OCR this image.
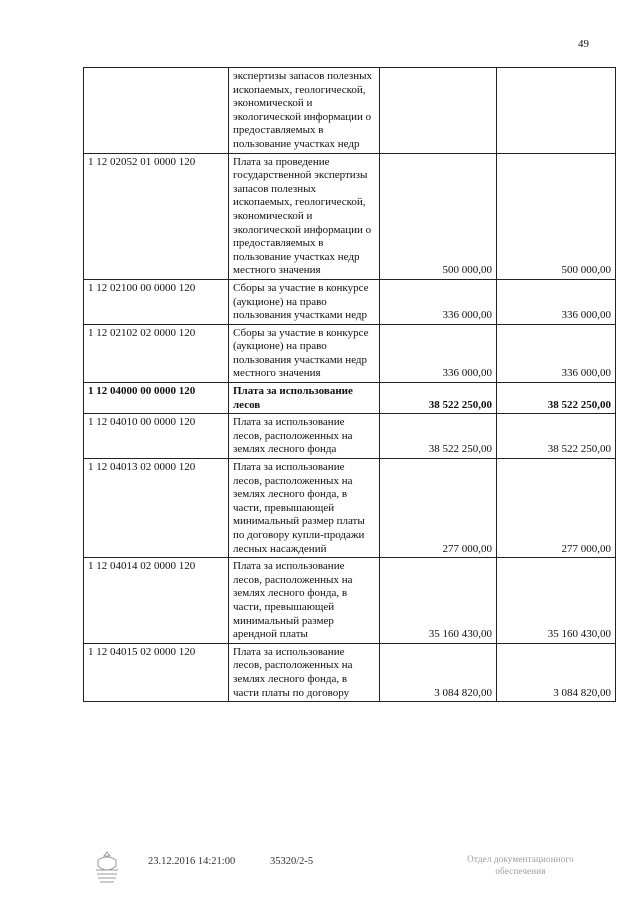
49
	экспертизы запасов полезных ископаемых, геологической, экономической и экологической информации о предоставляемых в пользование участках недр		
1 12 02052 01 0000 120	Плата за проведение государственной экспертизы запасов полезных ископаемых, геологической, экономической и экологической информации о предоставляемых в пользование участках недр местного значения	500 000,00	500 000,00
1 12 02100 00 0000 120	Сборы за участие в конкурсе (аукционе) на право пользования участками недр	336 000,00	336 000,00
1 12 02102 02 0000 120	Сборы за участие в конкурсе (аукционе) на право пользования участками недр местного значения	336 000,00	336 000,00
1 12 04000 00 0000 120	Плата за использование лесов	38 522 250,00	38 522 250,00
1 12 04010 00 0000 120	Плата за использование лесов, расположенных на землях лесного фонда	38 522 250,00	38 522 250,00
1 12 04013 02 0000 120	Плата за использование лесов, расположенных на землях лесного фонда, в части, превышающей минимальный размер платы по договору купли-продажи лесных насаждений	277 000,00	277 000,00
1 12 04014 02 0000 120	Плата за использование лесов, расположенных на землях лесного фонда, в части, превышающей минимальный размер арендной платы	35 160 430,00	35 160 430,00
1 12 04015 02 0000 120	Плата за использование лесов, расположенных на землях лесного фонда, в части платы по договору	3 084 820,00	3 084 820,00
23.12.2016 14:21:00	35320/2-5	Отдел документационного обеспечения
